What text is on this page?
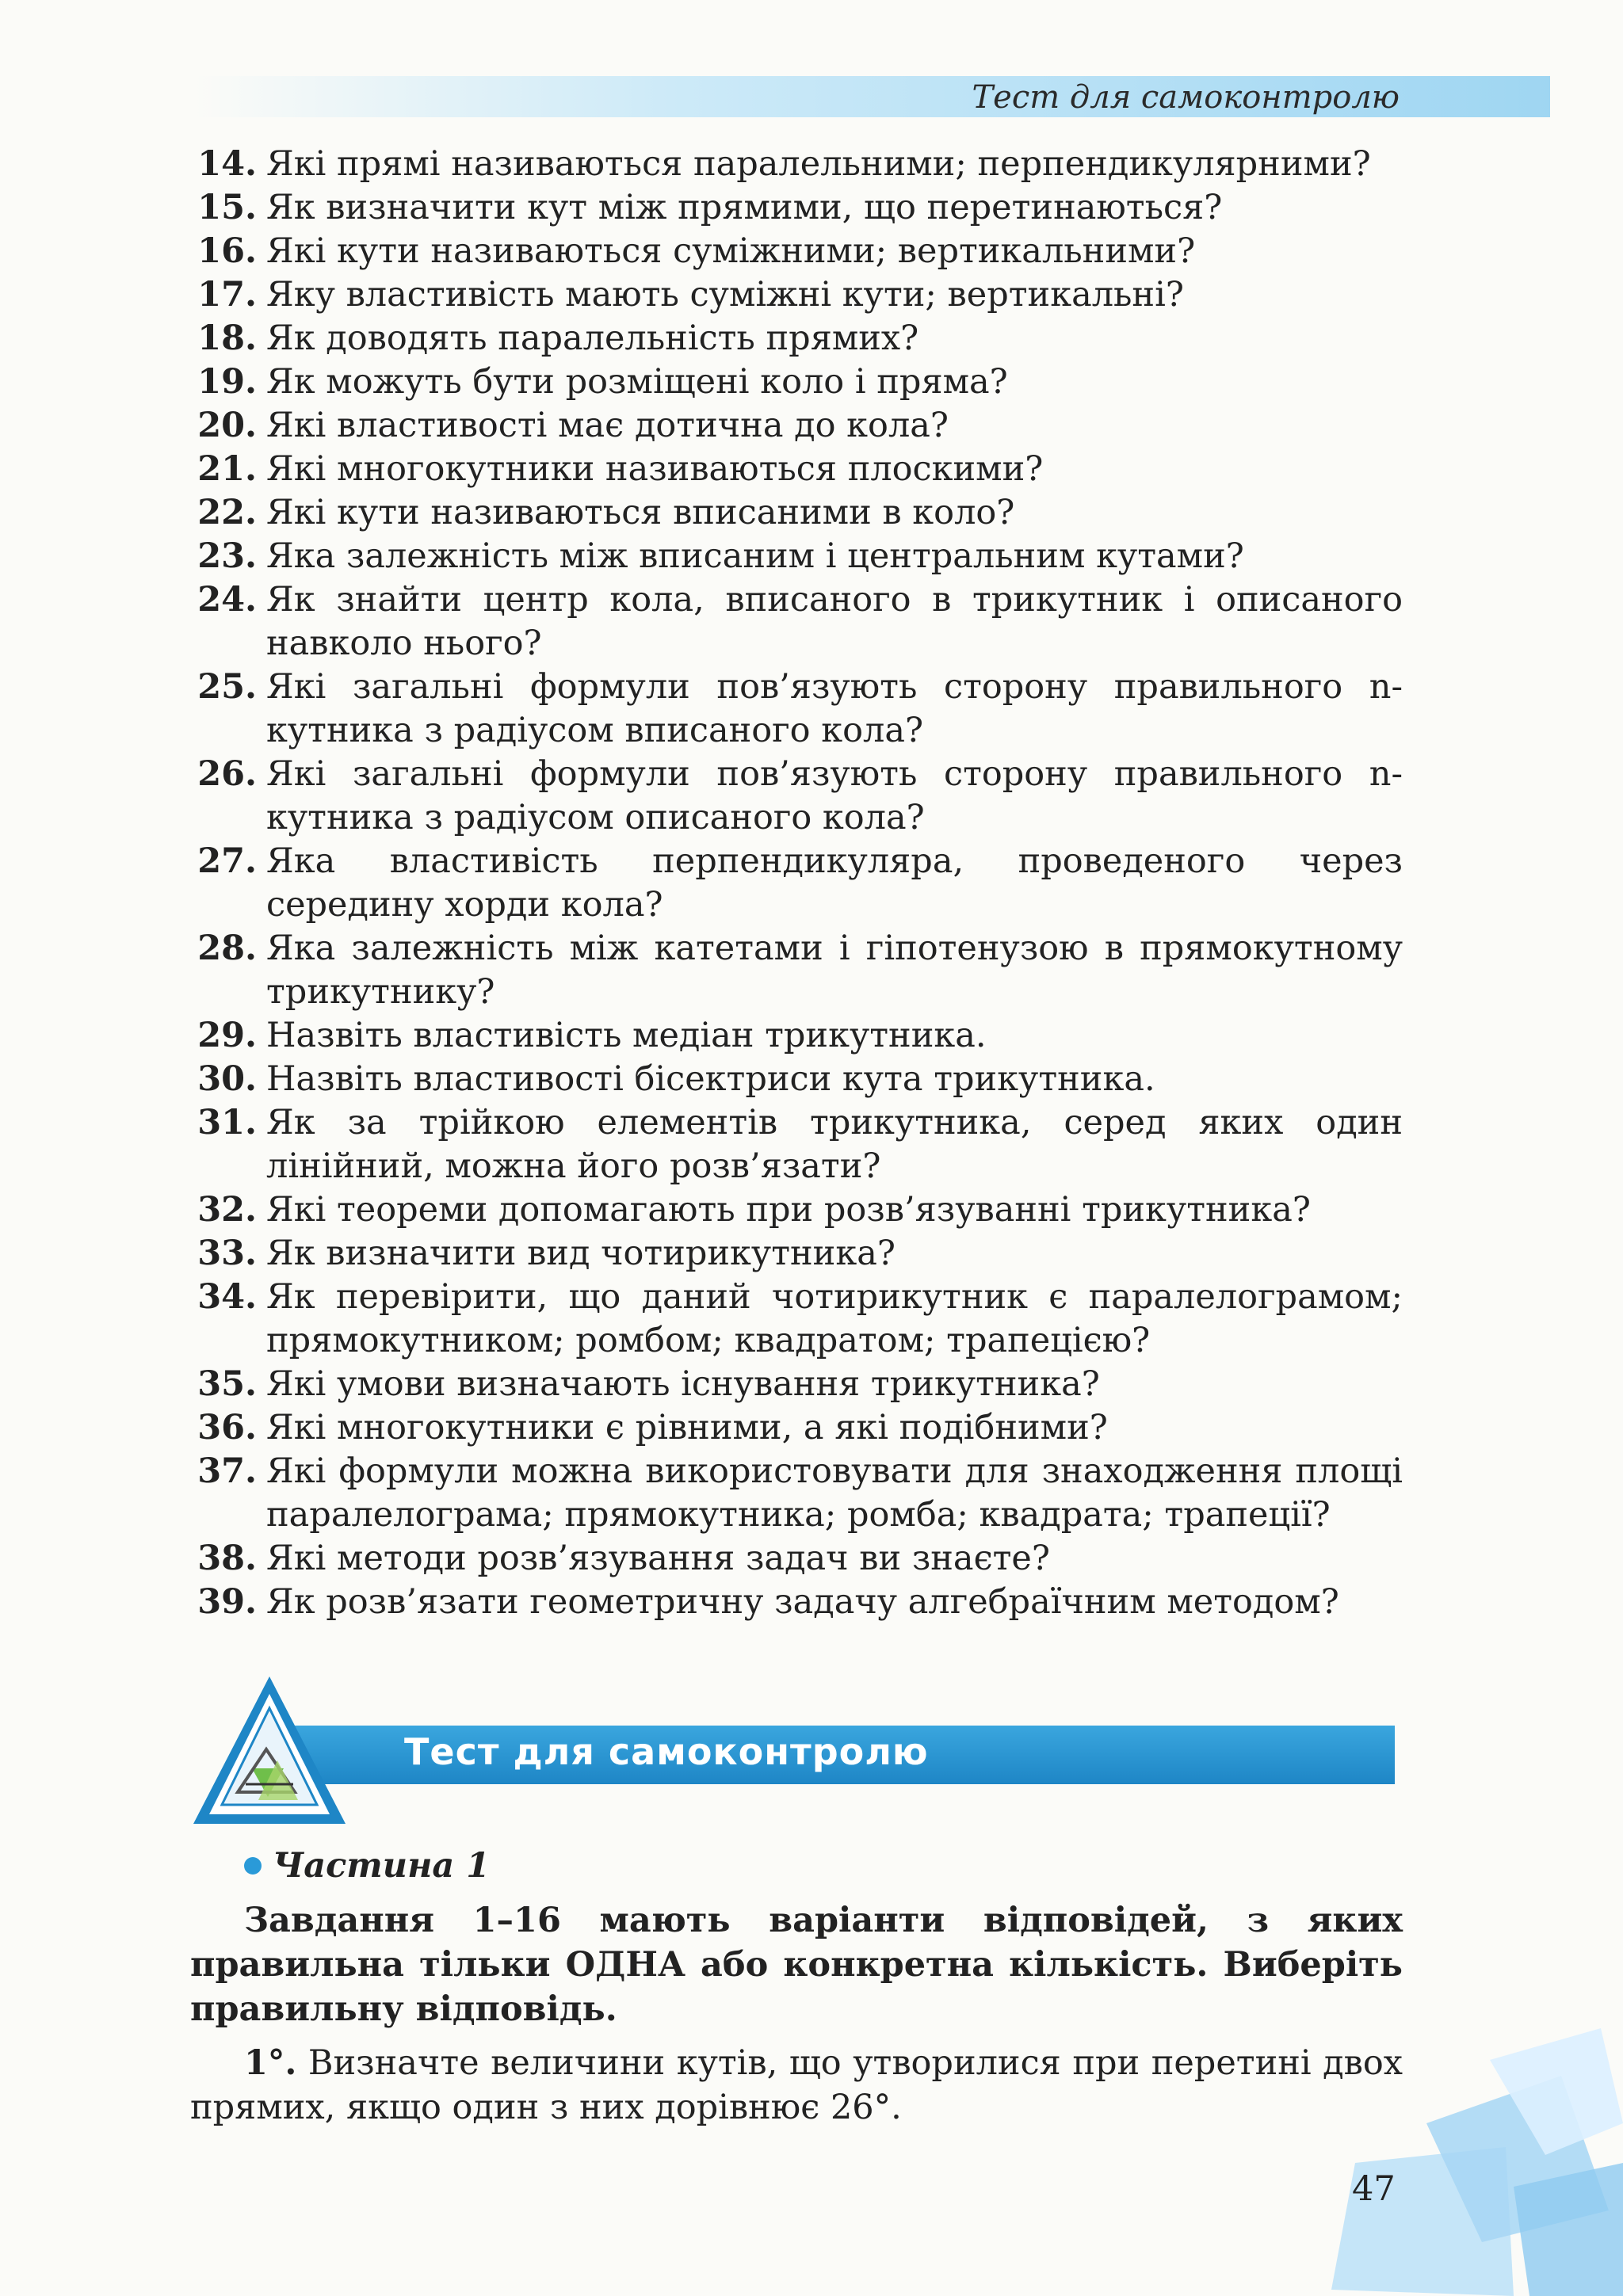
Тест для самоконтролю
14. Які прямі називаються паралельними; перпендикулярними?
15. Як визначити кут між прямими, що перетинаються?
16. Які кути називаються суміжними; вертикальними?
17. Яку властивість мають суміжні кути; вертикальні?
18. Як доводять паралельність прямих?
19. Як можуть бути розміщені коло і пряма?
20. Які властивості має дотична до кола?
21. Які многокутники називаються плоскими?
22. Які кути називаються вписаними в коло?
23. Яка залежність між вписаним і центральним кутами?
24. Як знайти центр кола, вписаного в трикутник і описаного навколо нього?
25. Які загальні формули пов’язують сторону правильного n-кутника з радіусом вписаного кола?
26. Які загальні формули пов’язують сторону правильного n-кутника з радіусом описаного кола?
27. Яка властивість перпендикуляра, проведеного через середину хорди кола?
28. Яка залежність між катетами і гіпотенузою в прямокутному трикутнику?
29. Назвіть властивість медіан трикутника.
30. Назвіть властивості бісектриси кута трикутника.
31. Як за трійкою елементів трикутника, серед яких один лінійний, можна його розв’язати?
32. Які теореми допомагають при розв’язуванні трикутника?
33. Як визначити вид чотирикутника?
34. Як перевірити, що даний чотирикутник є паралелограмом; прямокутником; ромбом; квадратом; трапецією?
35. Які умови визначають існування трикутника?
36. Які многокутники є рівними, а які подібними?
37. Які формули можна використовувати для знаходження площі паралелограма; прямокутника; ромба; квадрата; трапеції?
38. Які методи розв’язування задач ви знаєте?
39. Як розв’язати геометричну задачу алгебраїчним методом?
Тест для самоконтролю
Частина 1
Завдання 1–16 мають варіанти відповідей, з яких правильна тільки ОДНА або конкретна кількість. Виберіть правильну відповідь.
1°. Визначте величини кутів, що утворилися при перетині двох прямих, якщо один з них дорівнює 26°.
47
